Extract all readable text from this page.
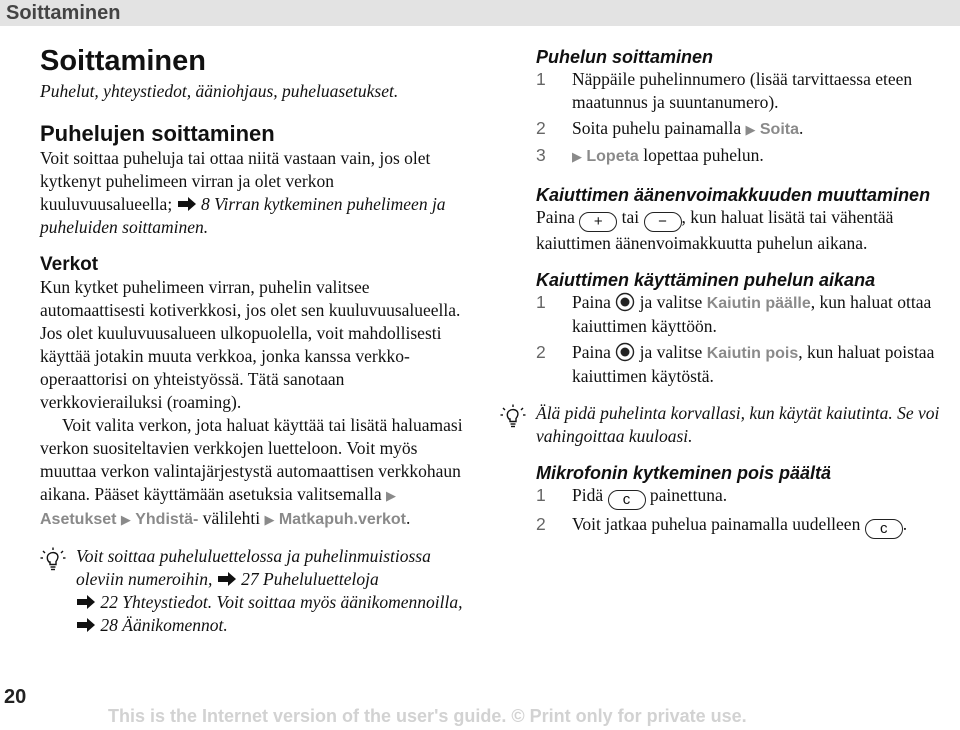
Soittaminen

Soittaminen

Puhelut, yhteystiedot, ääniohjaus, puheluasetukset.

Puhelujen soittaminen

Voit soittaa puheluja tai ottaa niitä vastaan vain, jos olet kytkenyt puhelimeen virran ja olet verkon kuuluvuusalueella; 8 Virran kytkeminen puhelimeen ja puheluiden soittaminen.

Verkot

Kun kytket puhelimeen virran, puhelin valitsee automaattisesti kotiverkkosi, jos olet sen kuuluvuusalueella. Jos olet kuuluvuusalueen ulkopuolella, voit mahdollisesti käyttää jotakin muuta verkkoa, jonka kanssa verkko-operaattorisi on yhteistyössä. Tätä sanotaan verkkovierailuksi (roaming).

Voit valita verkon, jota haluat käyttää tai lisätä haluamasi verkon suositeltavien verkkojen luetteloon. Voit myös muuttaa verkon valintajärjestystä automaattisen verkkohaun aikana. Pääset käyttämään asetuksia valitsemalla ▶ Asetukset ▶ Yhdistä- välilehti ▶ Matkapuh.verkot.

Voit soittaa puheluluettelossa ja puhelinmuistiossa oleviin numeroihin, 27 Puheluluetteloja
22 Yhteystiedot. Voit soittaa myös äänikomennoilla,  28 Äänikomennot.

Puhelun soittaminen

1 Näppäile puhelinnumero (lisää tarvittaessa eteen maatunnus ja suuntanumero).
2 Soita puhelu painamalla ▶ Soita.
3 ▶ Lopeta lopettaa puhelun.

Kaiuttimen äänenvoimakkuuden muuttaminen

Paina + tai − , kun haluat lisätä tai vähentää kaiuttimen äänenvoimakkuutta puhelun aikana.

Kaiuttimen käyttäminen puhelun aikana

1 Paina ja valitse Kaiutin päälle, kun haluat ottaa kaiuttimen käyttöön.
2 Paina ja valitse Kaiutin pois, kun haluat poistaa kaiuttimen käytöstä.

Älä pidä puhelinta korvallasi, kun käytät kaiutinta. Se voi vahingoittaa kuuloasi.

Mikrofonin kytkeminen pois päältä

1 Pidä c painettuna.
2 Voit jatkaa puhelua painamalla uudelleen c .
20
This is the Internet version of the user's guide. © Print only for private use.
